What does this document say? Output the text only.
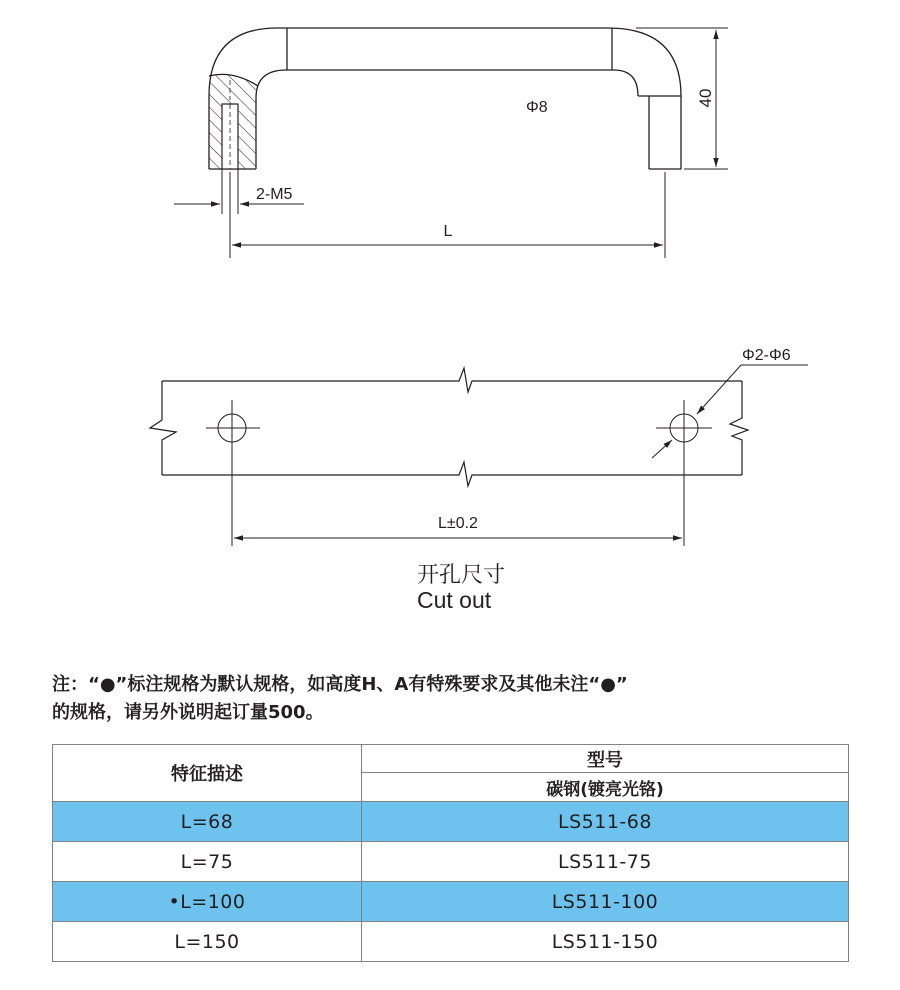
40
Φ8
2-M5
L
Φ2-Φ6
L±0.2
开孔尺寸
Cut out

注：“●”标注规格为默认规格，如高度H、A有特殊要求及其他未注“●”

的规格，请另外说明起订量500。

特征描述
型号
碳钢(镀亮光铬)
L=68	LS511-68
L=75	LS511-75
•L=100	LS511-100
L=150	LS511-150
